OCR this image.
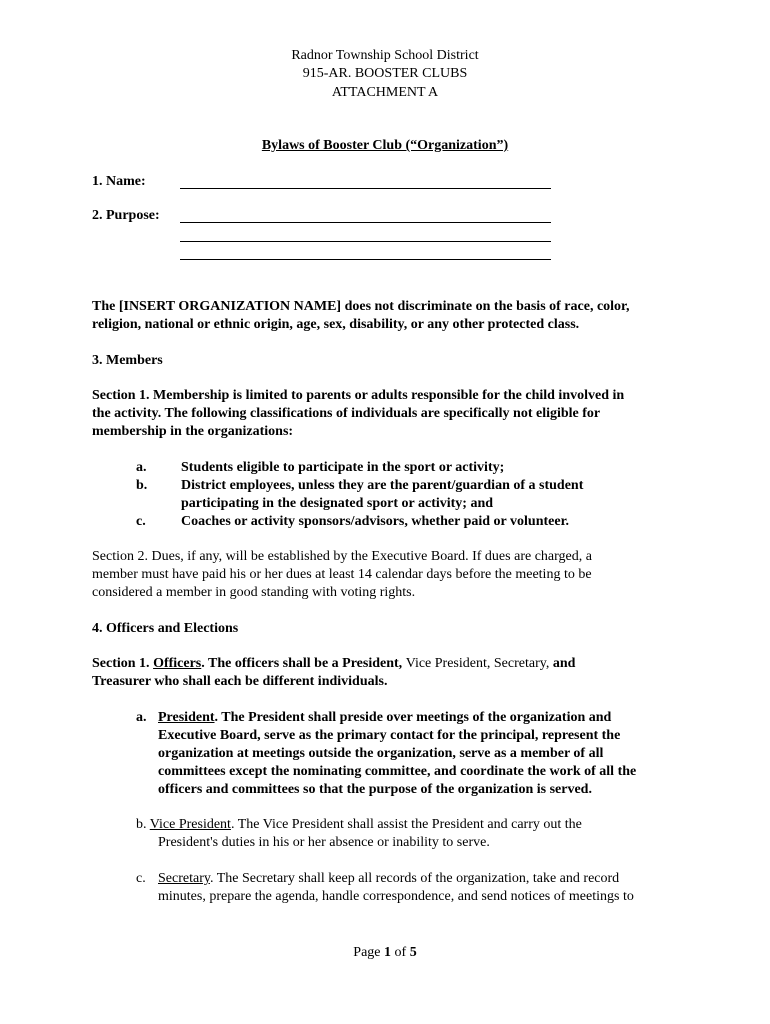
Radnor Township School District
915-AR. BOOSTER CLUBS
ATTACHMENT A
Bylaws of Booster Club (“Organization”)
1. Name:
2. Purpose:
The [INSERT ORGANIZATION NAME] does not discriminate on the basis of race, color,
religion, national or ethnic origin, age, sex, disability, or any other protected class.
3. Members
Section 1. Membership is limited to parents or adults responsible for the child involved in
the activity. The following classifications of individuals are specifically not eligible for
membership in the organizations:
a. Students eligible to participate in the sport or activity;
b. District employees, unless they are the parent/guardian of a student
participating in the designated sport or activity; and
c.	Coaches or activity sponsors/advisors, whether paid or volunteer.
Section 2. Dues, if any, will be established by the Executive Board. If dues are charged, a
member must have paid his or her dues at least 14 calendar days before the meeting to be
considered a member in good standing with voting rights.
4. Officers and Elections
Section 1. Officers. The officers shall be a President, Vice President, Secretary, and
Treasurer who shall each be different individuals.
a. President. The President shall preside over meetings of the organization and
Executive Board, serve as the primary contact for the principal, represent the
organization at meetings outside the organization, serve as a member of all
committees except the nominating committee, and coordinate the work of all the
officers and committees so that the purpose of the organization is served.
b. Vice President. The Vice President shall assist the President and carry out the
President's duties in his or her absence or inability to serve.
c. Secretary. The Secretary shall keep all records of the organization, take and record
minutes, prepare the agenda, handle correspondence, and send notices of meetings to
Page 1 of 5
